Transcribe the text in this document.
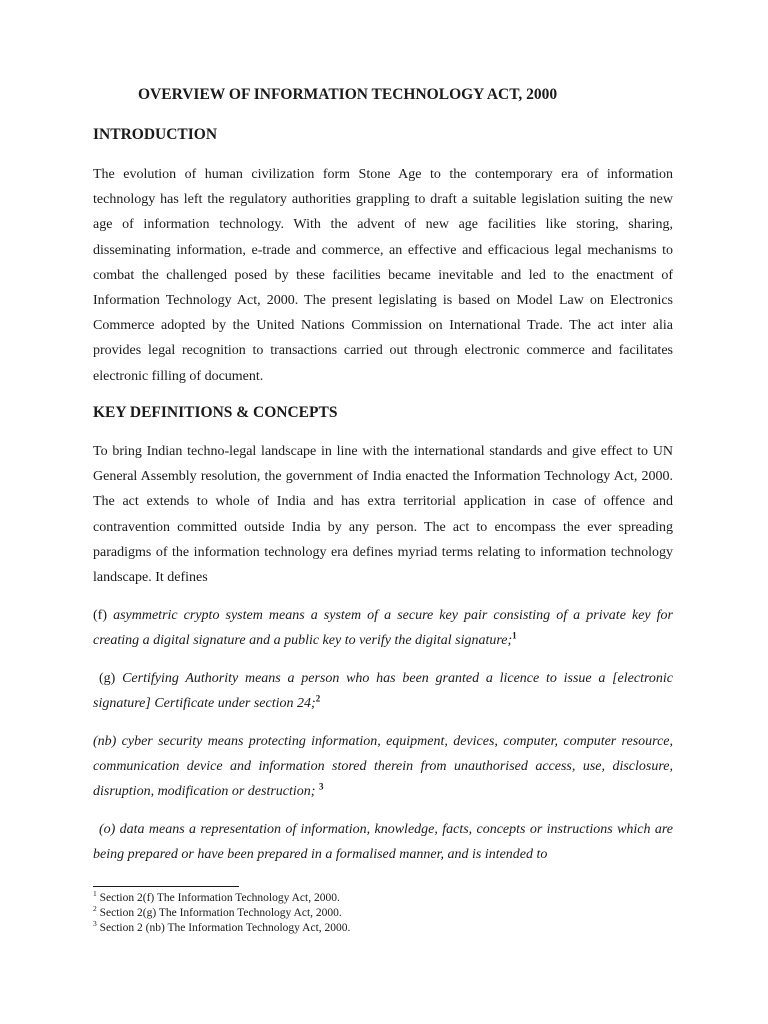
OVERVIEW OF INFORMATION TECHNOLOGY ACT, 2000
INTRODUCTION

The evolution of human civilization form Stone Age to the contemporary era of information technology has left the regulatory authorities grappling to draft a suitable legislation suiting the new age of information technology. With the advent of new age facilities like storing, sharing, disseminating information, e-trade and commerce, an effective and efficacious legal mechanisms to combat the challenged posed by these facilities became inevitable and led to the enactment of Information Technology Act, 2000. The present legislating is based on Model Law on Electronics Commerce adopted by the United Nations Commission on International Trade. The act inter alia provides legal recognition to transactions carried out through electronic commerce and facilitates electronic filling of document.

KEY DEFINITIONS & CONCEPTS

To bring Indian techno-legal landscape in line with the international standards and give effect to UN General Assembly resolution, the government of India enacted the Information Technology Act, 2000. The act extends to whole of India and has extra territorial application in case of offence and contravention committed outside India by any person. The act to encompass the ever spreading paradigms of the information technology era defines myriad terms relating to information technology landscape. It defines

(f) asymmetric crypto system means a system of a secure key pair consisting of a private key for creating a digital signature and a public key to verify the digital signature;$^1$

(g) Certifying Authority means a person who has been granted a licence to issue a [electronic signature] Certificate under section 24;$^2$

(nb) cyber security means protecting information, equipment, devices, computer, computer resource, communication device and information stored therein from unauthorised access, use, disclosure, disruption, modification or destruction; $^3$

(o) data means a representation of information, knowledge, facts, concepts or instructions which are being prepared or have been prepared in a formalised manner, and is intended to

$^1$ Section 2(f) The Information Technology Act, 2000.
$^2$ Section 2(g) The Information Technology Act, 2000.
$^3$ Section 2 (nb) The Information Technology Act, 2000.
